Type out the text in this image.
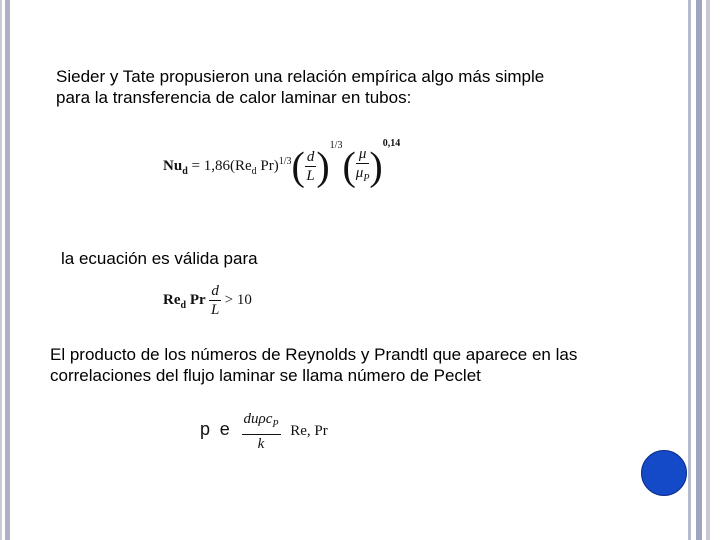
Sieder y Tate propusieron una relación empírica algo más simple
para la transferencia de calor laminar en tubos:
$Nu_d = 1,86(Re_d$ $Pr)^{1/3}( \frac{d}{L} )^{1/3}( \frac{\mu}{\mu_P} )^{0,14}$
la ecuación es válida para
$Re_d$ Pr $\frac{d}{L} > 10$
El producto de los números de Reynolds y Prandtl que aparece en las
correlaciones del flujo laminar se llama número de Peclet
p e $\frac{du\rho c_P}{k} Re$, Pr
